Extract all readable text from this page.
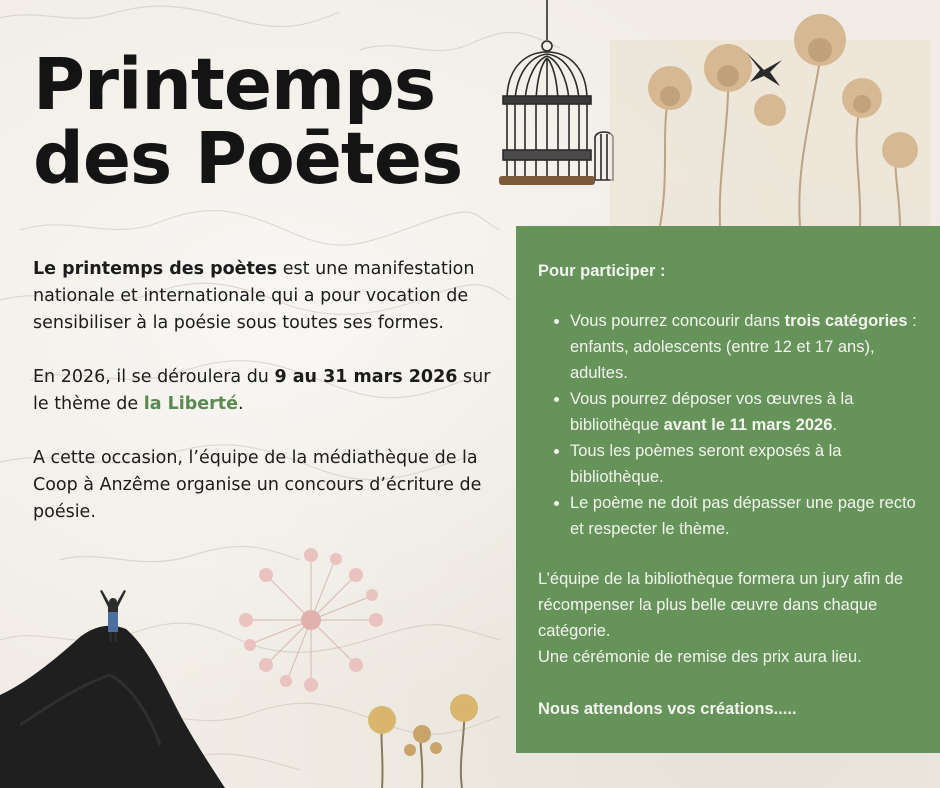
Printemps
des Poētes

Le printemps des poètes est une manifestation nationale et internationale qui a pour vocation de sensibiliser à la poésie sous toutes ses formes.

En 2026, il se déroulera du 9 au 31 mars 2026 sur le thème de la Liberté.

A cette occasion, l’équipe de la médiathèque de la Coop à Anzême organise un concours d’écriture de poésie.

Pour participer :
• Vous pourrez concourir dans trois catégories : enfants, adolescents (entre 12 et 17 ans), adultes.
• Vous pourrez déposer vos œuvres à la bibliothèque avant le 11 mars 2026.
• Tous les poèmes seront exposés à la bibliothèque.
• Le poème ne doit pas dépasser une page recto et respecter le thème.

L’équipe de la bibliothèque formera un jury afin de récompenser la plus belle œuvre dans chaque catégorie.

Une cérémonie de remise des prix aura lieu.

Nous attendons vos créations.....
